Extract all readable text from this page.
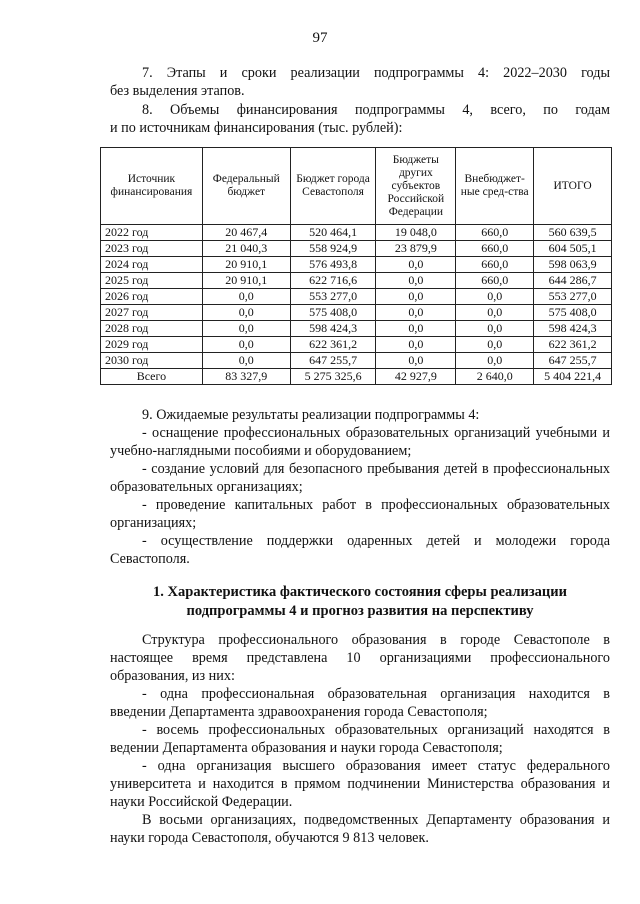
97
7. Этапы и сроки реализации подпрограммы 4: 2022–2030 годы
без выделения этапов.
8. Объемы финансирования подпрограммы 4, всего, по годам
и по источникам финансирования (тыс. рублей):
Источник финансирования	Федеральный бюджет	Бюджет города Севастополя	Бюджеты других субъектов Российской Федерации	Внебюджет-ные сред-ства	ИТОГО
2022 год	20 467,4	520 464,1	19 048,0	660,0	560 639,5
2023 год	21 040,3	558 924,9	23 879,9	660,0	604 505,1
2024 год	20 910,1	576 493,8	0,0	660,0	598 063,9
2025 год	20 910,1	622 716,6	0,0	660,0	644 286,7
2026 год	0,0	553 277,0	0,0	0,0	553 277,0
2027 год	0,0	575 408,0	0,0	0,0	575 408,0
2028 год	0,0	598 424,3	0,0	0,0	598 424,3
2029 год	0,0	622 361,2	0,0	0,0	622 361,2
2030 год	0,0	647 255,7	0,0	0,0	647 255,7
Всего	83 327,9	5 275 325,6	42 927,9	2 640,0	5 404 221,4
9. Ожидаемые результаты реализации подпрограммы 4:
- оснащение профессиональных образовательных организаций учебными и учебно-наглядными пособиями и оборудованием;
- создание условий для безопасного пребывания детей в профессиональных образовательных организациях;
- проведение капитальных работ в профессиональных образовательных организациях;
- осуществление поддержки одаренных детей и молодежи города Севастополя.
1. Характеристика фактического состояния сферы реализации
подпрограммы 4 и прогноз развития на перспективу
Структура профессионального образования в городе Севастополе в настоящее время представлена 10 организациями профессионального образования, из них:
- одна профессиональная образовательная организация находится в введении Департамента здравоохранения города Севастополя;
- восемь профессиональных образовательных организаций находятся в ведении Департамента образования и науки города Севастополя;
- одна организация высшего образования имеет статус федерального университета и находится в прямом подчинении Министерства образования и науки Российской Федерации.
В восьми организациях, подведомственных Департаменту образования и науки города Севастополя, обучаются 9 813 человек.
